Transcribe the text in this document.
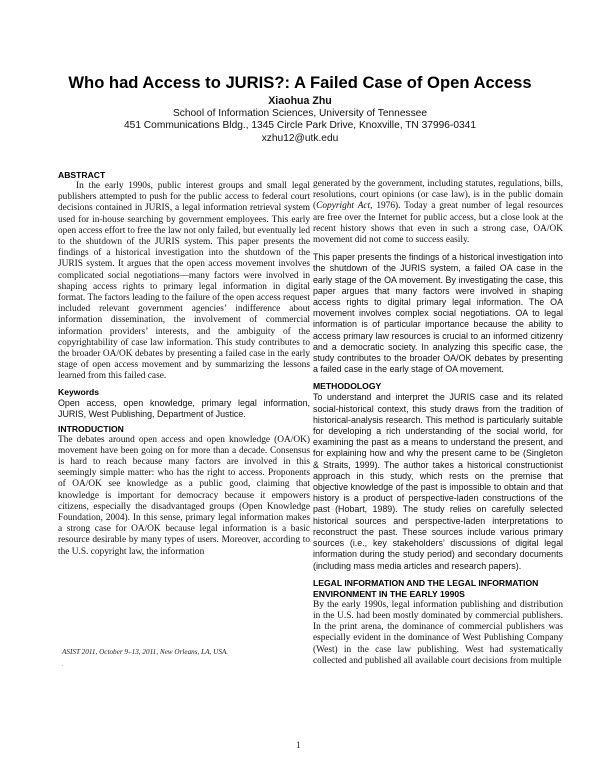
Who had Access to JURIS?: A Failed Case of Open Access
Xiaohua Zhu
School of Information Sciences, University of Tennessee
451 Communications Bldg., 1345 Circle Park Drive, Knoxville, TN 37996-0341
xzhu12@utk.edu
ABSTRACT

In the early 1990s, public interest groups and small legal publishers attempted to push for the public access to federal court decisions contained in JURIS, a legal information retrieval system used for in-house searching by government employees. This early open access effort to free the law not only failed, but eventually led to the shutdown of the JURIS system. This paper presents the findings of a historical investigation into the shutdown of the JURIS system. It argues that the open access movement involves complicated social negotiations—many factors were involved in shaping access rights to primary legal information in digital format. The factors leading to the failure of the open access request included relevant government agencies’ indifference about information dissemination, the involvement of commercial information providers’ interests, and the ambiguity of the copyrightability of case law information. This study contributes to the broader OA/OK debates by presenting a failed case in the early stage of open access movement and by summarizing the lessons learned from this failed case.

Keywords

Open access, open knowledge, primary legal information, JURIS, West Publishing, Department of Justice.

INTRODUCTION

The debates around open access and open knowledge (OA/OK) movement have been going on for more than a decade. Consensus is hard to reach because many factors are involved in this seemingly simple matter: who has the right to access. Proponents of OA/OK see knowledge as a public good, claiming that knowledge is important for democracy because it empowers citizens, especially the disadvantaged groups (Open Knowledge Foundation, 2004). In this sense, primary legal information makes a strong case for OA/OK because legal information is a basic resource desirable by many types of users. Moreover, according to the U.S. copyright law, the information

generated by the government, including statutes, regulations, bills, resolutions, court opinions (or case law), is in the public domain (Copyright Act, 1976). Today a great number of legal resources are free over the Internet for public access, but a close look at the recent history shows that even in such a strong case, OA/OK movement did not come to success easily.

This paper presents the findings of a historical investigation into the shutdown of the JURIS system, a failed OA case in the early stage of the OA movement. By investigating the case, this paper argues that many factors were involved in shaping access rights to digital primary legal information. The OA movement involves complex social negotiations. OA to legal information is of particular importance because the ability to access primary law resources is crucial to an informed citizenry and a democratic society. In analyzing this specific case, the study contributes to the broader OA/OK debates by presenting a failed case in the early stage of OA movement.

METHODOLOGY

To understand and interpret the JURIS case and its related social-historical context, this study draws from the tradition of historical-analysis research. This method is particularly suitable for developing a rich understanding of the social world, for examining the past as a means to understand the present, and for explaining how and why the present came to be (Singleton & Straits, 1999). The author takes a historical constructionist approach in this study, which rests on the premise that objective knowledge of the past is impossible to obtain and that history is a product of perspective-laden constructions of the past (Hobart, 1989). The study relies on carefully selected historical sources and perspective-laden interpretations to reconstruct the past. These sources include various primary sources (i.e., key stakeholders’ discussions of digital legal information during the study period) and secondary documents (including mass media articles and research papers).

LEGAL INFORMATION AND THE LEGAL INFORMATION
ENVIRONMENT IN THE EARLY 1990S

By the early 1990s, legal information publishing and distribution in the U.S. had been mostly dominated by commercial publishers. In the print arena, the dominance of commercial publishers was especially evident in the dominance of West Publishing Company (West) in the case law publishing. West had systematically collected and published all available court decisions from multiple

ASIST 2011, October 9–13, 2011, New Orleans, LA, USA.
.
1
